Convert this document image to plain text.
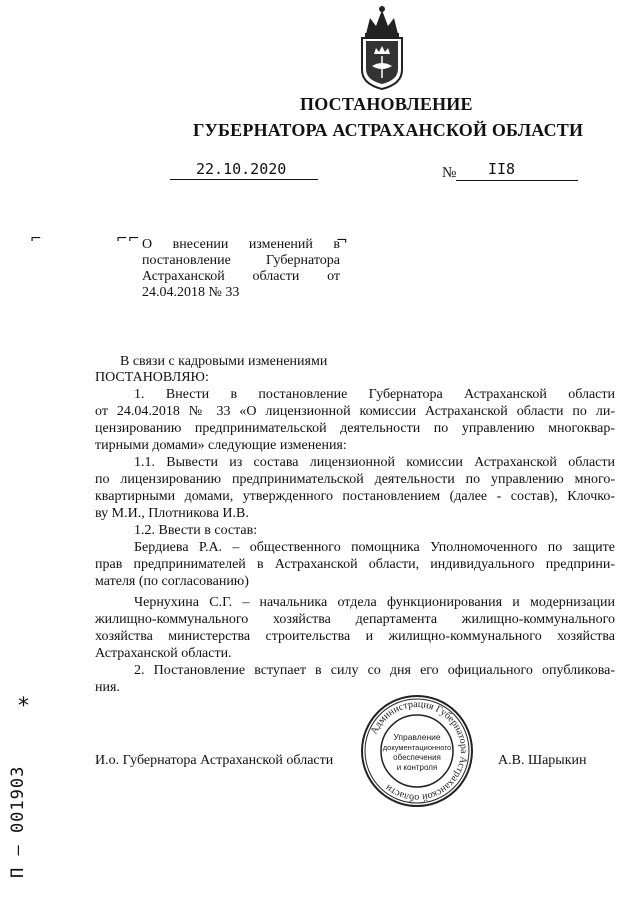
ПОСТАНОВЛЕНИЕ
ГУБЕРНАТОРА АСТРАХАНСКОЙ ОБЛАСТИ
22.10.2020	№ II8
⌐	⌐⌐	¬
О внесении изменений в постановление Губернатора Астраханской области от 24.04.2018 № 33
В связи с кадровыми изменениями
ПОСТАНОВЛЯЮ:
1. Внести в постановление Губернатора Астраханской области
от 24.04.2018 № 33 «О лицензионной комиссии Астраханской области по ли-
цензированию предпринимательской деятельности по управлению многоквар-
тирными домами» следующие изменения:
1.1. Вывести из состава лицензионной комиссии Астраханской области
по лицензированию предпринимательской деятельности по управлению много-
квартирными домами, утвержденного постановлением (далее - состав), Клочко-
ву М.И., Плотникова И.В.
1.2. Ввести в состав:
Бердиева Р.А. – общественного помощника Уполномоченного по защите
прав предпринимателей в Астраханской области, индивидуального предприни-
мателя (по согласованию)
Чернухина С.Г. – начальника отдела функционирования и модернизации
жилищно-коммунального хозяйства департамента жилищно-коммунального
хозяйства министерства строительства и жилищно-коммунального хозяйства
Астраханской области.
2. Постановление вступает в силу со дня его официального опубликова-
ния.
И.о. Губернатора Астраханской области	А.В. Шарыкин
Администрация Губернатора Астраханской области
Управление
документационного
обеспечения
и контроля
П – 001903
*
